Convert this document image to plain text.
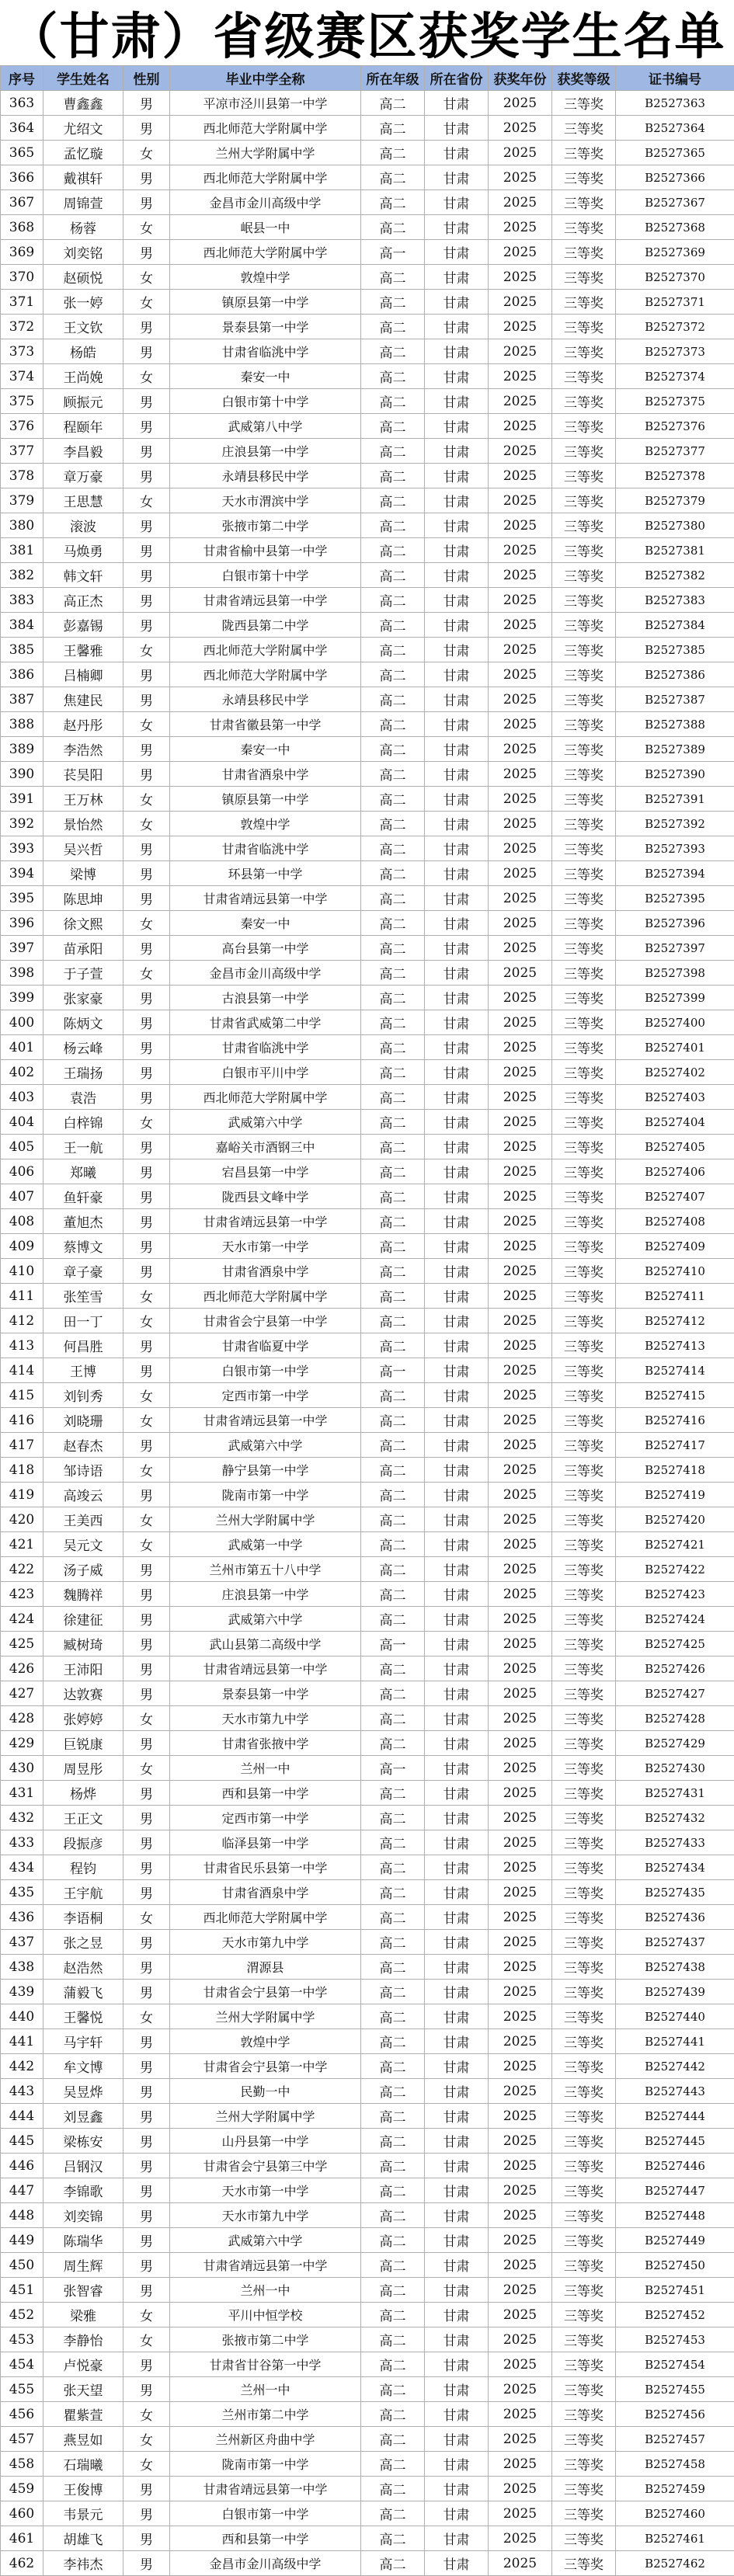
（甘肃）省级赛区获奖学生名单
序号	学生姓名	性别	毕业中学全称	所在年级	所在省份	获奖年份	获奖等级	证书编号
363	曹鑫鑫	男	平凉市泾川县第一中学	高二	甘肃	2025	三等奖	B2527363
364	尤绍文	男	西北师范大学附属中学	高二	甘肃	2025	三等奖	B2527364
365	孟忆璇	女	兰州大学附属中学	高二	甘肃	2025	三等奖	B2527365
366	戴祺轩	男	西北师范大学附属中学	高二	甘肃	2025	三等奖	B2527366
367	周锦萱	男	金昌市金川高级中学	高二	甘肃	2025	三等奖	B2527367
368	杨蓉	女	岷县一中	高二	甘肃	2025	三等奖	B2527368
369	刘奕铭	男	西北师范大学附属中学	高一	甘肃	2025	三等奖	B2527369
370	赵硕悦	女	敦煌中学	高二	甘肃	2025	三等奖	B2527370
371	张一婷	女	镇原县第一中学	高二	甘肃	2025	三等奖	B2527371
372	王文钦	男	景泰县第一中学	高二	甘肃	2025	三等奖	B2527372
373	杨皓	男	甘肃省临洮中学	高二	甘肃	2025	三等奖	B2527373
374	王尚娩	女	秦安一中	高二	甘肃	2025	三等奖	B2527374
375	顾振元	男	白银市第十中学	高二	甘肃	2025	三等奖	B2527375
376	程颐年	男	武威第八中学	高二	甘肃	2025	三等奖	B2527376
377	李昌毅	男	庄浪县第一中学	高二	甘肃	2025	三等奖	B2527377
378	章万豪	男	永靖县移民中学	高二	甘肃	2025	三等奖	B2527378
379	王思慧	女	天水市渭滨中学	高二	甘肃	2025	三等奖	B2527379
380	滚波	男	张掖市第二中学	高二	甘肃	2025	三等奖	B2527380
381	马焕勇	男	甘肃省榆中县第一中学	高二	甘肃	2025	三等奖	B2527381
382	韩文轩	男	白银市第十中学	高二	甘肃	2025	三等奖	B2527382
383	高正杰	男	甘肃省靖远县第一中学	高二	甘肃	2025	三等奖	B2527383
384	彭嘉锡	男	陇西县第二中学	高二	甘肃	2025	三等奖	B2527384
385	王馨雅	女	西北师范大学附属中学	高二	甘肃	2025	三等奖	B2527385
386	吕楠卿	男	西北师范大学附属中学	高二	甘肃	2025	三等奖	B2527386
387	焦建民	男	永靖县移民中学	高二	甘肃	2025	三等奖	B2527387
388	赵丹彤	女	甘肃省徽县第一中学	高二	甘肃	2025	三等奖	B2527388
389	李浩然	男	秦安一中	高二	甘肃	2025	三等奖	B2527389
390	苌昊阳	男	甘肃省酒泉中学	高二	甘肃	2025	三等奖	B2527390
391	王万林	女	镇原县第一中学	高二	甘肃	2025	三等奖	B2527391
392	景怡然	女	敦煌中学	高二	甘肃	2025	三等奖	B2527392
393	吴兴哲	男	甘肃省临洮中学	高二	甘肃	2025	三等奖	B2527393
394	梁博	男	环县第一中学	高二	甘肃	2025	三等奖	B2527394
395	陈思坤	男	甘肃省靖远县第一中学	高二	甘肃	2025	三等奖	B2527395
396	徐文熙	女	秦安一中	高二	甘肃	2025	三等奖	B2527396
397	苗承阳	男	高台县第一中学	高二	甘肃	2025	三等奖	B2527397
398	于子萱	女	金昌市金川高级中学	高二	甘肃	2025	三等奖	B2527398
399	张家豪	男	古浪县第一中学	高二	甘肃	2025	三等奖	B2527399
400	陈炳文	男	甘肃省武威第二中学	高二	甘肃	2025	三等奖	B2527400
401	杨云峰	男	甘肃省临洮中学	高二	甘肃	2025	三等奖	B2527401
402	王瑞扬	男	白银市平川中学	高二	甘肃	2025	三等奖	B2527402
403	袁浩	男	西北师范大学附属中学	高二	甘肃	2025	三等奖	B2527403
404	白梓锦	女	武威第六中学	高二	甘肃	2025	三等奖	B2527404
405	王一航	男	嘉峪关市酒钢三中	高二	甘肃	2025	三等奖	B2527405
406	郑曦	男	宕昌县第一中学	高二	甘肃	2025	三等奖	B2527406
407	鱼轩豪	男	陇西县文峰中学	高二	甘肃	2025	三等奖	B2527407
408	董旭杰	男	甘肃省靖远县第一中学	高二	甘肃	2025	三等奖	B2527408
409	蔡博文	男	天水市第一中学	高二	甘肃	2025	三等奖	B2527409
410	章子豪	男	甘肃省酒泉中学	高二	甘肃	2025	三等奖	B2527410
411	张笙雪	女	西北师范大学附属中学	高二	甘肃	2025	三等奖	B2527411
412	田一丁	女	甘肃省会宁县第一中学	高二	甘肃	2025	三等奖	B2527412
413	何昌胜	男	甘肃省临夏中学	高二	甘肃	2025	三等奖	B2527413
414	王博	男	白银市第一中学	高一	甘肃	2025	三等奖	B2527414
415	刘钊秀	女	定西市第一中学	高二	甘肃	2025	三等奖	B2527415
416	刘晓珊	女	甘肃省靖远县第一中学	高二	甘肃	2025	三等奖	B2527416
417	赵春杰	男	武威第六中学	高二	甘肃	2025	三等奖	B2527417
418	邹诗语	女	静宁县第一中学	高二	甘肃	2025	三等奖	B2527418
419	高竣云	男	陇南市第一中学	高二	甘肃	2025	三等奖	B2527419
420	王美西	女	兰州大学附属中学	高二	甘肃	2025	三等奖	B2527420
421	吴元文	女	武威第一中学	高二	甘肃	2025	三等奖	B2527421
422	汤子威	男	兰州市第五十八中学	高二	甘肃	2025	三等奖	B2527422
423	魏腾祥	男	庄浪县第一中学	高二	甘肃	2025	三等奖	B2527423
424	徐建征	男	武威第六中学	高二	甘肃	2025	三等奖	B2527424
425	臧树琦	男	武山县第二高级中学	高一	甘肃	2025	三等奖	B2527425
426	王沛阳	男	甘肃省靖远县第一中学	高二	甘肃	2025	三等奖	B2527426
427	达敦赛	男	景泰县第一中学	高二	甘肃	2025	三等奖	B2527427
428	张婷婷	女	天水市第九中学	高二	甘肃	2025	三等奖	B2527428
429	巨锐康	男	甘肃省张掖中学	高二	甘肃	2025	三等奖	B2527429
430	周昱彤	女	兰州一中	高一	甘肃	2025	三等奖	B2527430
431	杨烨	男	西和县第一中学	高二	甘肃	2025	三等奖	B2527431
432	王正文	男	定西市第一中学	高二	甘肃	2025	三等奖	B2527432
433	段振彦	男	临泽县第一中学	高二	甘肃	2025	三等奖	B2527433
434	程钧	男	甘肃省民乐县第一中学	高二	甘肃	2025	三等奖	B2527434
435	王宇航	男	甘肃省酒泉中学	高二	甘肃	2025	三等奖	B2527435
436	李语桐	女	西北师范大学附属中学	高二	甘肃	2025	三等奖	B2527436
437	张之昱	男	天水市第九中学	高二	甘肃	2025	三等奖	B2527437
438	赵浩然	男	渭源县	高二	甘肃	2025	三等奖	B2527438
439	蒲毅飞	男	甘肃省会宁县第一中学	高二	甘肃	2025	三等奖	B2527439
440	王馨悦	女	兰州大学附属中学	高二	甘肃	2025	三等奖	B2527440
441	马宇轩	男	敦煌中学	高二	甘肃	2025	三等奖	B2527441
442	牟文博	男	甘肃省会宁县第一中学	高二	甘肃	2025	三等奖	B2527442
443	吴昱烨	男	民勤一中	高二	甘肃	2025	三等奖	B2527443
444	刘昱鑫	男	兰州大学附属中学	高二	甘肃	2025	三等奖	B2527444
445	梁栋安	男	山丹县第一中学	高二	甘肃	2025	三等奖	B2527445
446	吕钢汉	男	甘肃省会宁县第三中学	高二	甘肃	2025	三等奖	B2527446
447	李锦歌	男	天水市第一中学	高二	甘肃	2025	三等奖	B2527447
448	刘奕锦	男	天水市第九中学	高二	甘肃	2025	三等奖	B2527448
449	陈瑞华	男	武威第六中学	高二	甘肃	2025	三等奖	B2527449
450	周生辉	男	甘肃省靖远县第一中学	高二	甘肃	2025	三等奖	B2527450
451	张智睿	男	兰州一中	高二	甘肃	2025	三等奖	B2527451
452	梁雅	女	平川中恒学校	高二	甘肃	2025	三等奖	B2527452
453	李静怡	女	张掖市第二中学	高二	甘肃	2025	三等奖	B2527453
454	卢悦豪	男	甘肃省甘谷第一中学	高二	甘肃	2025	三等奖	B2527454
455	张天望	男	兰州一中	高二	甘肃	2025	三等奖	B2527455
456	瞿紫萱	女	兰州市第二中学	高二	甘肃	2025	三等奖	B2527456
457	燕昱如	女	兰州新区舟曲中学	高二	甘肃	2025	三等奖	B2527457
458	石瑞曦	女	陇南市第一中学	高二	甘肃	2025	三等奖	B2527458
459	王俊博	男	甘肃省靖远县第一中学	高二	甘肃	2025	三等奖	B2527459
460	韦景元	男	白银市第一中学	高二	甘肃	2025	三等奖	B2527460
461	胡雄飞	男	西和县第一中学	高二	甘肃	2025	三等奖	B2527461
462	李祎杰	男	金昌市金川高级中学	高二	甘肃	2025	三等奖	B2527462
